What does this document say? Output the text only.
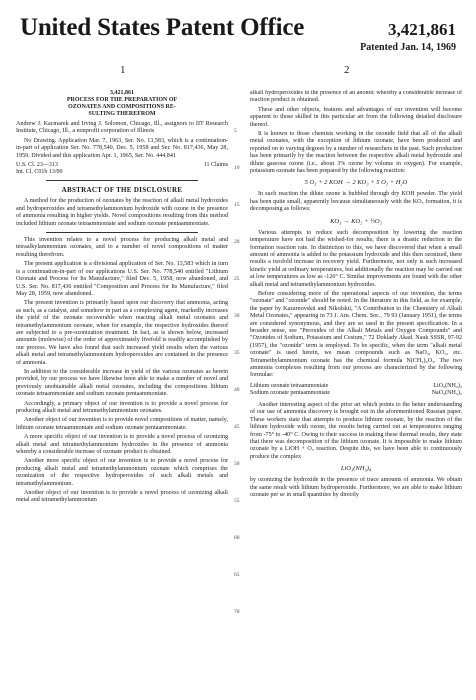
United States Patent Office	3,421,861
Patented Jan. 14, 1969
1	2
3,421,861
PROCESS FOR THE PREPARATION OF
OZONATES AND COMPOSITIONS RE-
SULTING THEREFROM

Andrew J. Kacmarek and Irving J. Solomon, Chicago, Ill., assignors to IIT Research Institute, Chicago, Ill., a nonprofit corporation of Illinois

No Drawing. Application Mar. 7, 1963, Ser. No. 13,583, which is a continuation-in-part of application Ser. No. 778,540, Dec. 5, 1958 and Ser. No. 817,436, May 28, 1959. Divided and this application Apr. 1, 1965, Ser. No. 444,841

U.S. Cl. 23—313	11 Claims
Int. Cl. C01b 13/00
ABSTRACT OF THE DISCLOSURE

A method for the production of ozonates by the reaction of alkali metal hydroxides and hydroperoxides and tetramethylammonium hydroxide with ozone in the presence of ammonia resulting in higher yields. Novel compositions resulting from this method included lithium ozonate tetraammoniate and sodium ozonate pentaammoniate.

This invention relates to a novel process for producing alkali metal and tetraalkylammonium ozonates, and to a number of novel compositions of matter resulting therefrom.

The present application is a divisional application of Ser. No. 13,583 which in turn is a continuation-in-part of our applications U.S. Ser. No. 778,540 entitled "Lithium Ozonate and Process for Its Manufacture," filed Dec. 5, 1958, now abandoned, and U.S. Ser. No. 817,436 entitled "Composition and Process for Its Manufacture," filed May 28, 1959, now abandoned.

The present invention is primarily based upon our discovery that ammonia, acting as such, as a catalyst, and somehow in part as a complexing agent, markedly increases the yield of the ozonate recoverable when reacting alkali metal ozonates and tetramethylammonium ozonate, when for example, the respective hydroxides thereof are subjected to a pre-ozonization treatment. In fact, as is shown below, increased amounts (molewise) of the order of approximately fivefold is readily accomplished by our process. We have also found that such increased yield results when the various alkali metal and tetramethylammonium hydroperoxides are contained in the presence of ammonia.

In addition to the considerable increase in yield of the various ozonates as herein provided, by our process we have likewise been able to make a number of novel and previously unobtainable alkali metal ozonates, including the compositions lithium ozonate tetraammoniate and sodium ozonate pentaammoniate.

Accordingly, a primary object of our invention is to provide a novel process for producing alkali metal and tetramethylammonium ozonates.

Another object of our invention is to provide novel compositions of matter, namely, lithium ozonate tetraammoniate and sodium ozonate pentaammoniate.

A more specific object of our invention is to provide a novel process of ozonizing alkali metal and tetramethylammonium hydroxides in the presence of ammonia whereby a considerable increase of ozonate product is obtained.

Another more specific object of our invention is to provide a novel process for producing alkali metal and tetramethylammonium ozonate which comprises the ozonization of the respective hydroperoxides of such alkali metals and tetramethylammonium.

Another object of our invention is to provide a novel process of ozonizing alkali metal and tetramethylammonium

5
10
15
20
25
30
35
40
45
50
55
60
65
70

alkali hydroperoxides in the presence of an anomic whereby a considerable increase of reaction product is obtained.

These and other objects, features and advantages of our invention will become apparent to those skilled in this particular art from the following detailed disclosure thereof.

It is known to those chemists working in the ozonide field that all of the alkali metal ozonates, with the exception of lithium ozonate, have been produced and reported on to varying degrees by a number of researchers in the past. Such production has been primarily by the reaction between the respective alkali metal hydroxide and dilute gaseous ozone (i.e., about 3% ozone by volume in oxygen). For example, potassium ozonate has been prepared by the following reaction:

5 O₃ + 2 KOH → 2 KO₃ + 5 O₂ + H₂O

In such reaction the dilute ozone is bubbled through dry KOH powder. The yield has been quite small, apparently because simultaneously with the KO₃ formation, it is decomposing as follows:

KO₃ → KO₂ + ½O₂

Various attempts to reduce such decomposition by lowering the reaction temperature have not had the wished-for results; there is a drastic reduction in the formation reaction rate. In distinction to this, we have discovered that when a small amount of ammonia is added to the potassium hydroxide and this then ozonized, there results a twofold increase in recovery yield. Furthermore, not only is such increased kinetic yield at ordinary temperatures, but additionally the reaction may be carried out at low temperatures as low as -126° C. Similar improvements are found with the other alkali metal and tetramethylammonium hydroxides.

Before considering more of the operational aspects of our invention, the terms "ozonate" and "ozonide" should be noted. In the literature in this field, as for example, the paper by Kazarnovskii and Nikolskii, "A Contribution to the Chemistry of Alkali Metal Ozonates," appearing in 73 J. Am. Chem. Soc., 79 93 (January 1951), the terms are considered synonymous, and they are so used in the present specification. In a broader sense, see "Peroxides of the Alkali Metals and Oxygen Compounds" and "Ozonides of Sodium, Potassium and Cesium," 72 Doklady Akad. Nauk SSSR, 97-92 (1957), the "ozonide" term is employed. To be specific, when the term "alkali metal ozonate" is used herein, we mean compounds such as NaO₃, KO₃, etc. Tetramethylammonium ozonate has the chemical formula N(CH₃)₄O₃. The two ammonia complexes resulting from our process are characterized by the following formulae:

Lithium ozonate tetraammoniate	LiO₃(NH₃)₄
Sodium ozonate pentaammoniate	NaO₃(NH₃)₅

Another interesting aspect of the prior art which points to the better understanding of our use of ammonia discovery is brought out in the aforementioned Russian paper. These workers state that attempts to produce lithium ozonate, by the reaction of the lithium hydroxide with ozone, the results being carried out at temperatures ranging from -75° to -40° C. Owing to their success in making these thermal results, they state that there was decomposition of the lithium ozonate. It is impossible to make lithium ozonate by a LiOH + O₃ reaction. Despite this, we have been able to continuously produce the complex

LiO₃(NH₃)₄

by ozonizing the hydroxide in the presence of trace amounts of ammonia. We obtain the same result with lithium hydroperoxide. Furthermore, we are able to make lithium ozonate per se in small quantities by directly
